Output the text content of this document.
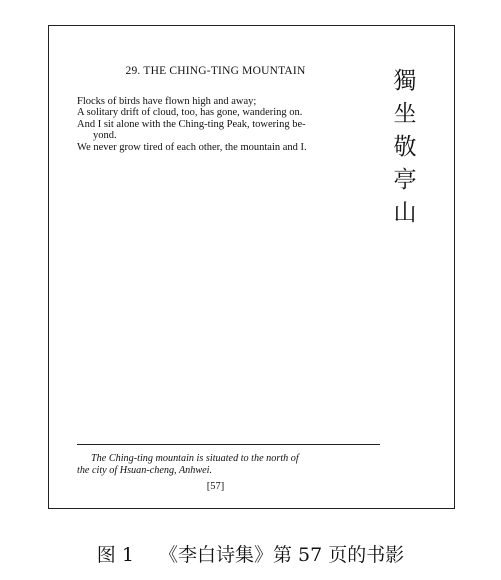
29. THE CHING-TING MOUNTAIN
Flocks of birds have flown high and away;
A solitary drift of cloud, too, has gone, wandering on.
And I sit alone with the Ching-ting Peak, towering be-
yond.
We never grow tired of each other, the mountain and I.
獨
坐
敬
亭
山
The Ching-ting mountain is situated to the north of
the city of Hsuan-cheng, Anhwei.
[57]
图 1　 《李白诗集》第 57 页的书影
